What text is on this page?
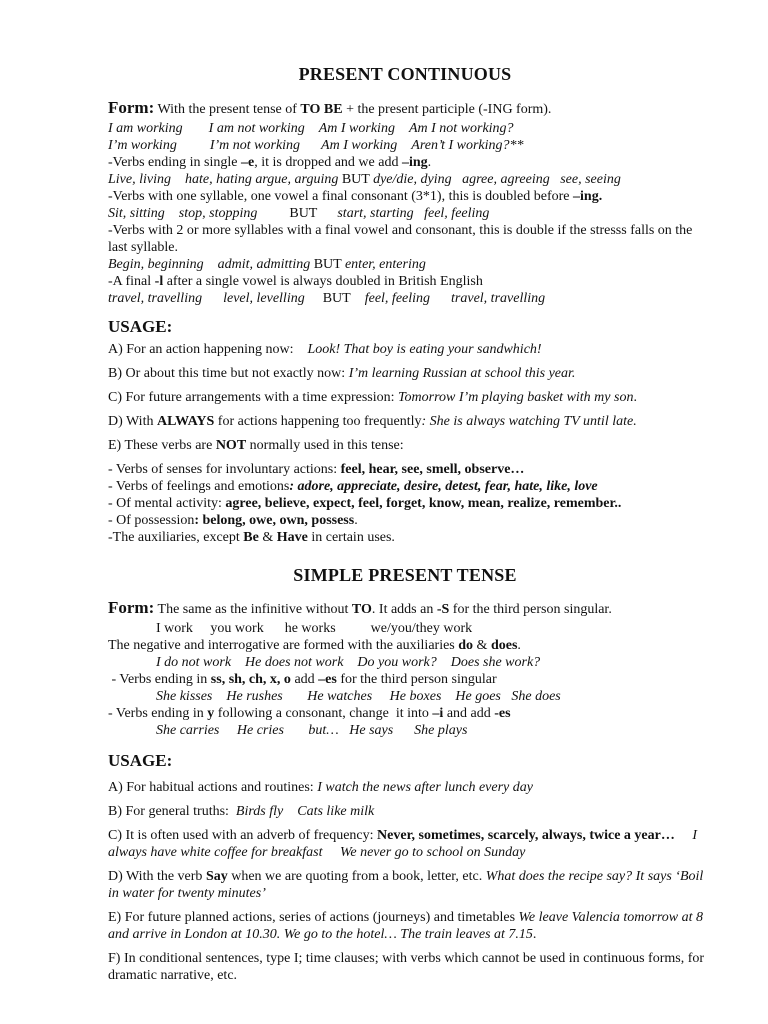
PRESENT CONTINUOUS
Form: With the present tense of TO BE + the present participle (-ING form).
I am working I am not working Am I working Am I not working?
I’m working I’m not working Am I working Aren’t I working?**
-Verbs ending in single –e, it is dropped and we add –ing.
Live, living    hate, hating argue, arguing BUT dye/die, dying   agree, agreeing   see, seeing
-Verbs with one syllable, one vowel a final consonant (3*1), this is doubled before –ing.
Sit, sitting    stop, stopping BUT start, starting   feel, feeling
-Verbs with 2 or more syllables with a final vowel and consonant, this is double if the stresss falls on the last syllable.
Begin, beginning    admit, admitting BUT enter, entering
-A final -l after a single vowel is always doubled in British English
travel, travelling      level, levelling BUT feel, feeling      travel, travelling
USAGE:
A) For an action happening now: Look! That boy is eating your sandwhich!
B) Or about this time but not exactly now: I’m learning Russian at school this year.
C) For future arrangements with a time expression: Tomorrow I’m playing basket with my son.
D) With ALWAYS for actions happening too frequently: She is always watching TV until late.
E) These verbs are NOT normally used in this tense:
- Verbs of senses for involuntary actions: feel, hear, see, smell, observe…
- Verbs of feelings and emotions: adore, appreciate, desire, detest, fear, hate, like, love
- Of mental activity: agree, believe, expect, feel, forget, know, mean, realize, remember..
- Of possession: belong, owe, own, possess.
-The auxiliaries, except Be & Have in certain uses.
SIMPLE PRESENT TENSE
Form: The same as the infinitive without TO. It adds an -S for the third person singular.
I work     you work      he works          we/you/they work
The negative and interrogative are formed with the auxiliaries do & does.
I do not work    He does not work    Do you work?    Does she work?
- Verbs ending in ss, sh, ch, x, o add –es for the third person singular
She kisses    He rushes       He watches     He boxes    He goes   She does
- Verbs ending in y following a consonant, change  it into –i and add -es
She carries     He cries       but…   He says      She plays
USAGE:
A) For habitual actions and routines: I watch the news after lunch every day
B) For general truths:  Birds fly    Cats like milk
C) It is often used with an adverb of frequency: Never, sometimes, scarcely, always, twice a year…     I always have white coffee for breakfast     We never go to school on Sunday
D) With the verb Say when we are quoting from a book, letter, etc. What does the recipe say? It says ‘Boil in water for twenty minutes’
E) For future planned actions, series of actions (journeys) and timetables We leave Valencia tomorrow at 8 and arrive in London at 10.30. We go to the hotel… The train leaves at 7.15.
F) In conditional sentences, type I; time clauses; with verbs which cannot be used in continuous forms, for dramatic narrative, etc.
